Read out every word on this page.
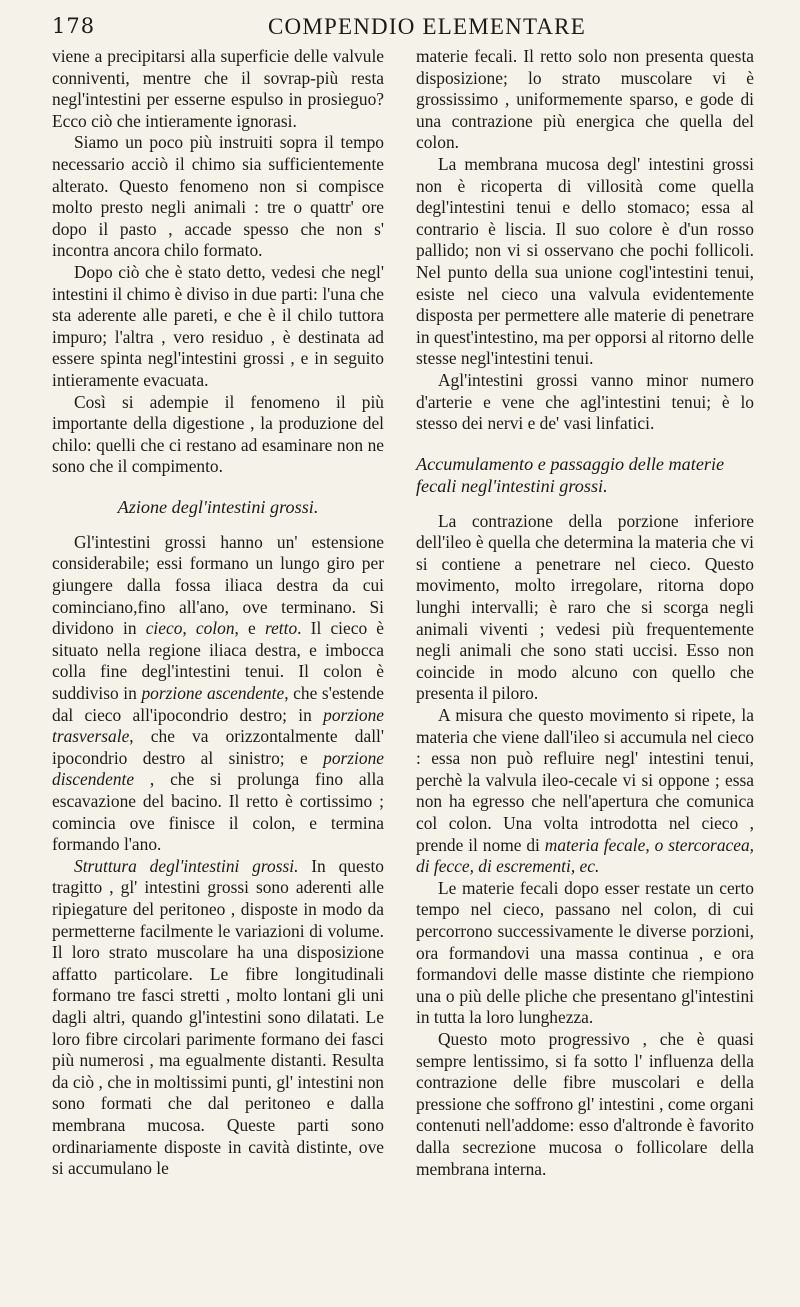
178	COMPENDIO ELEMENTARE

viene a precipitarsi alla superficie delle valvule conniventi, mentre che il sovrap-più resta negl'intestini per esserne espulso in prosieguo? Ecco ciò che intieramente ignorasi.

Siamo un poco più instruiti sopra il tempo necessario acciò il chimo sia sufficientemente alterato. Questo fenomeno non si compisce molto presto negli animali : tre o quattr' ore dopo il pasto , accade spesso che non s' incontra ancora chilo formato.

Dopo ciò che è stato detto, vedesi che negl' intestini il chimo è diviso in due parti: l'una che sta aderente alle pareti, e che è il chilo tuttora impuro; l'altra , vero residuo , è destinata ad essere spinta negl'intestini grossi , e in seguito intieramente evacuata.

Così si adempie il fenomeno il più importante della digestione , la produzione del chilo: quelli che ci restano ad esaminare non ne sono che il compimento.

Azione degl'intestini grossi.

Gl'intestini grossi hanno un' estensione considerabile; essi formano un lungo giro per giungere dalla fossa iliaca destra da cui cominciano,fino all'ano, ove terminano. Si dividono in cieco, colon, e retto. Il cieco è situato nella regione iliaca destra, e imbocca colla fine degl'intestini tenui. Il colon è suddiviso in porzione ascendente, che s'estende dal cieco all'ipocondrio destro; in porzione trasversale, che va orizzontalmente dall' ipocondrio destro al sinistro; e porzione discendente , che si prolunga fino alla escavazione del bacino. Il retto è cortissimo ; comincia ove finisce il colon, e termina formando l'ano.

Struttura degl'intestini grossi. In questo tragitto , gl' intestini grossi sono aderenti alle ripiegature del peritoneo , disposte in modo da permetterne facilmente le variazioni di volume. Il loro strato muscolare ha una disposizione affatto particolare. Le fibre longitudinali formano tre fasci stretti , molto lontani gli uni dagli altri, quando gl'intestini sono dilatati. Le loro fibre circolari parimente formano dei fasci più numerosi , ma egualmente distanti. Resulta da ciò , che in moltissimi punti, gl' intestini non sono formati che dal peritoneo e dalla membrana mucosa. Queste parti sono ordinariamente disposte in cavità distinte, ove si accumulano le

materie fecali. Il retto solo non presenta questa disposizione; lo strato muscolare vi è grossissimo , uniformemente sparso, e gode di una contrazione più energica che quella del colon.

La membrana mucosa degl' intestini grossi non è ricoperta di villosità come quella degl'intestini tenui e dello stomaco; essa al contrario è liscia. Il suo colore è d'un rosso pallido; non vi si osservano che pochi follicoli. Nel punto della sua unione cogl'intestini tenui, esiste nel cieco una valvula evidentemente disposta per permettere alle materie di penetrare in quest'intestino, ma per opporsi al ritorno delle stesse negl'intestini tenui.

Agl'intestini grossi vanno minor numero d'arterie e vene che agl'intestini tenui; è lo stesso dei nervi e de' vasi linfatici.

Accumulamento e passaggio delle materie fecali negl'intestini grossi.

La contrazione della porzione inferiore dell'ileo è quella che determina la materia che vi si contiene a penetrare nel cieco. Questo movimento, molto irregolare, ritorna dopo lunghi intervalli; è raro che si scorga negli animali viventi ; vedesi più frequentemente negli animali che sono stati uccisi. Esso non coincide in modo alcuno con quello che presenta il piloro.

A misura che questo movimento si ripete, la materia che viene dall'ileo si accumula nel cieco : essa non può refluire negl' intestini tenui, perchè la valvula ileo-cecale vi si oppone ; essa non ha egresso che nell'apertura che comunica col colon. Una volta introdotta nel cieco , prende il nome di materia fecale, o stercoracea, di fecce, di escrementi, ec.

Le materie fecali dopo esser restate un certo tempo nel cieco, passano nel colon, di cui percorrono successivamente le diverse porzioni, ora formandovi una massa continua , e ora formandovi delle masse distinte che riempiono una o più delle pliche che presentano gl'intestini in tutta la loro lunghezza.

Questo moto progressivo , che è quasi sempre lentissimo, si fa sotto l' influenza della contrazione delle fibre muscolari e della pressione che soffrono gl' intestini , come organi contenuti nell'addome: esso d'altronde è favorito dalla secrezione mucosa o follicolare della membrana interna.
